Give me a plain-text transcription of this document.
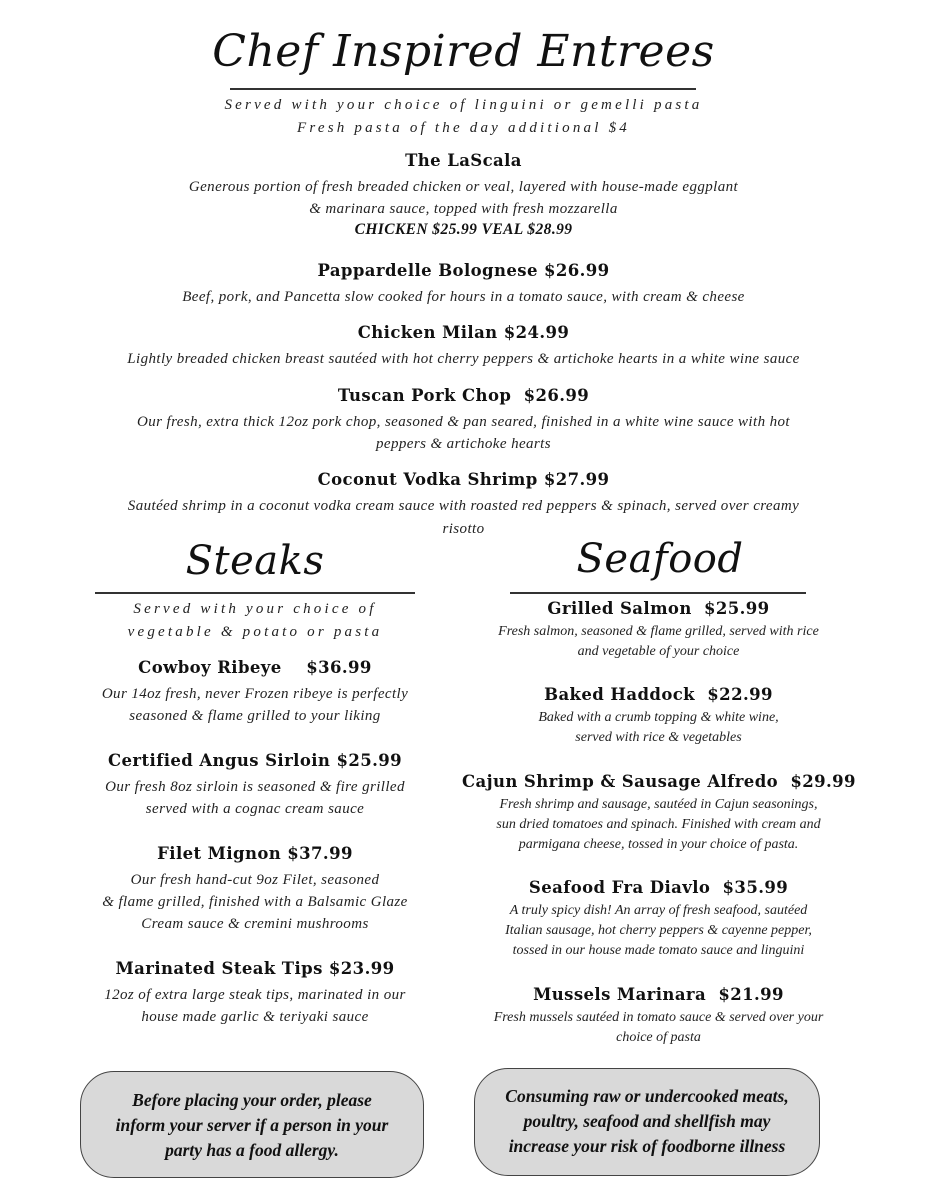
Chef Inspired Entrees
Served with your choice of linguini or gemelli pasta
Fresh pasta of the day additional $4
The LaScala
Generous portion of fresh breaded chicken or veal, layered with house-made eggplant
& marinara sauce, topped with fresh mozzarella
CHICKEN $25.99 VEAL $28.99
Pappardelle Bolognese $26.99
Beef, pork, and Pancetta slow cooked for hours in a tomato sauce, with cream & cheese
Chicken Milan $24.99
Lightly breaded chicken breast sautéed with hot cherry peppers & artichoke hearts in a white wine sauce
Tuscan Pork Chop  $26.99
Our fresh, extra thick 12oz pork chop, seasoned & pan seared, finished in a white wine sauce with hot
peppers & artichoke hearts
Coconut Vodka Shrimp $27.99
Sautéed shrimp in a coconut vodka cream sauce with roasted red peppers & spinach, served over creamy
risotto
Steaks
Served with your choice of
vegetable & potato or pasta
Cowboy Ribeye    $36.99
Our 14oz fresh, never Frozen ribeye is perfectly
seasoned & flame grilled to your liking
Certified Angus Sirloin $25.99
Our fresh 8oz sirloin is seasoned & fire grilled
served with a cognac cream sauce
Filet Mignon $37.99
Our fresh hand-cut 9oz Filet, seasoned
& flame grilled, finished with a Balsamic Glaze
Cream sauce & cremini mushrooms
Marinated Steak Tips $23.99
12oz of extra large steak tips, marinated in our
house made garlic & teriyaki sauce
Seafood
Grilled Salmon  $25.99
Fresh salmon, seasoned & flame grilled, served with rice
and vegetable of your choice
Baked Haddock  $22.99
Baked with a crumb topping & white wine,
served with rice & vegetables
Cajun Shrimp & Sausage Alfredo  $29.99
Fresh shrimp and sausage, sautéed in Cajun seasonings,
sun dried tomatoes and spinach. Finished with cream and
parmigana cheese, tossed in your choice of pasta.
Seafood Fra Diavlo  $35.99
A truly spicy dish! An array of fresh seafood, sautéed
Italian sausage, hot cherry peppers & cayenne pepper,
tossed in our house made tomato sauce and linguini
Mussels Marinara  $21.99
Fresh mussels sautéed in tomato sauce & served over your
choice of pasta
Before placing your order, please
inform your server if a person in your
party has a food allergy.
Consuming raw or undercooked meats,
poultry, seafood and shellfish may
increase your risk of foodborne illness
